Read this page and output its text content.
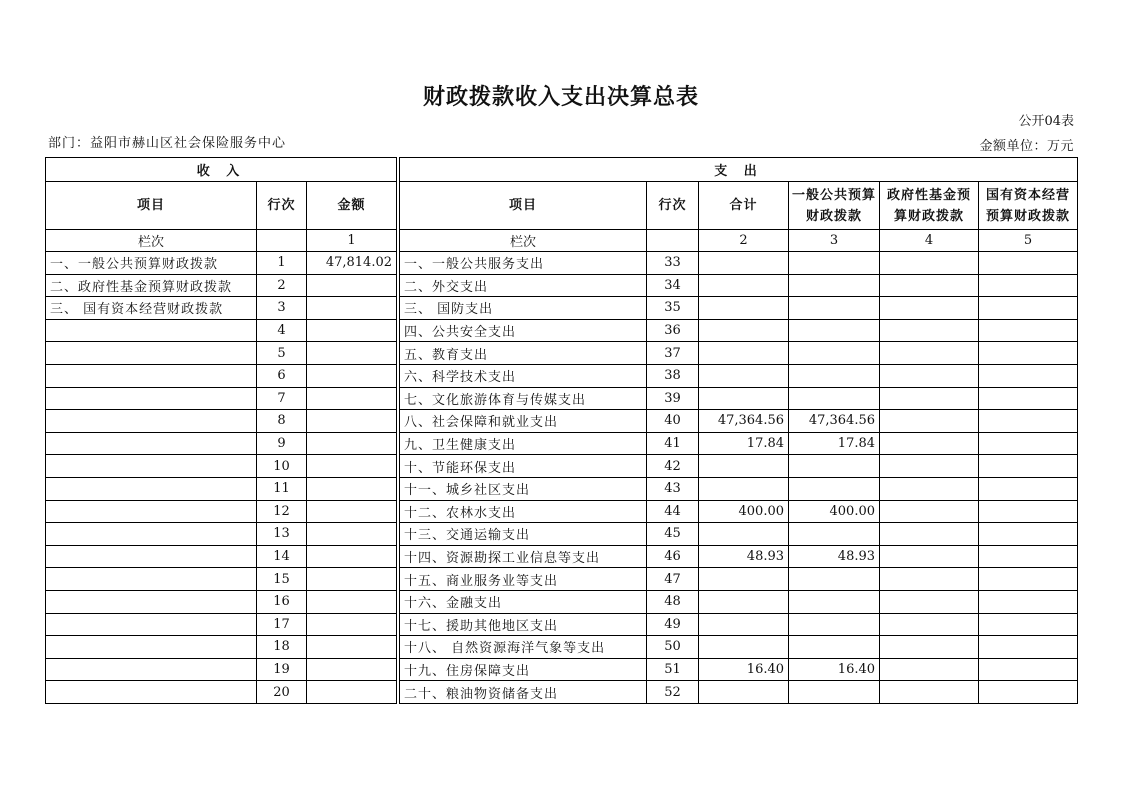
财政拨款收入支出决算总表
公开04表
部门：益阳市赫山区社会保险服务中心	金额单位：万元
收 入				支 出					
项目	行次	金额		项目	行次	合计	一般公共预算财政拨款	政府性基金预算财政拨款	国有资本经营预算财政拨款
栏次		1		栏次		2	3	4	5
一、一般公共预算财政拨款	1	47,814.02		一、一般公共服务支出	33				
二、政府性基金预算财政拨款	2			二、外交支出	34				
三、 国有资本经营财政拨款	3			三、 国防支出	35				
	4			四、公共安全支出	36				
	5			五、教育支出	37				
	6			六、科学技术支出	38				
	7			七、文化旅游体育与传媒支出	39				
	8			八、社会保障和就业支出	40	47,364.56	47,364.56		
	9			九、卫生健康支出	41	17.84	17.84		
	10			十、节能环保支出	42				
	11			十一、城乡社区支出	43				
	12			十二、农林水支出	44	400.00	400.00		
	13			十三、交通运输支出	45				
	14			十四、资源勘探工业信息等支出	46	48.93	48.93		
	15			十五、商业服务业等支出	47				
	16			十六、金融支出	48				
	17			十七、援助其他地区支出	49				
	18			十八、 自然资源海洋气象等支出	50				
	19			十九、住房保障支出	51	16.40	16.40		
	20			二十、粮油物资储备支出	52				
